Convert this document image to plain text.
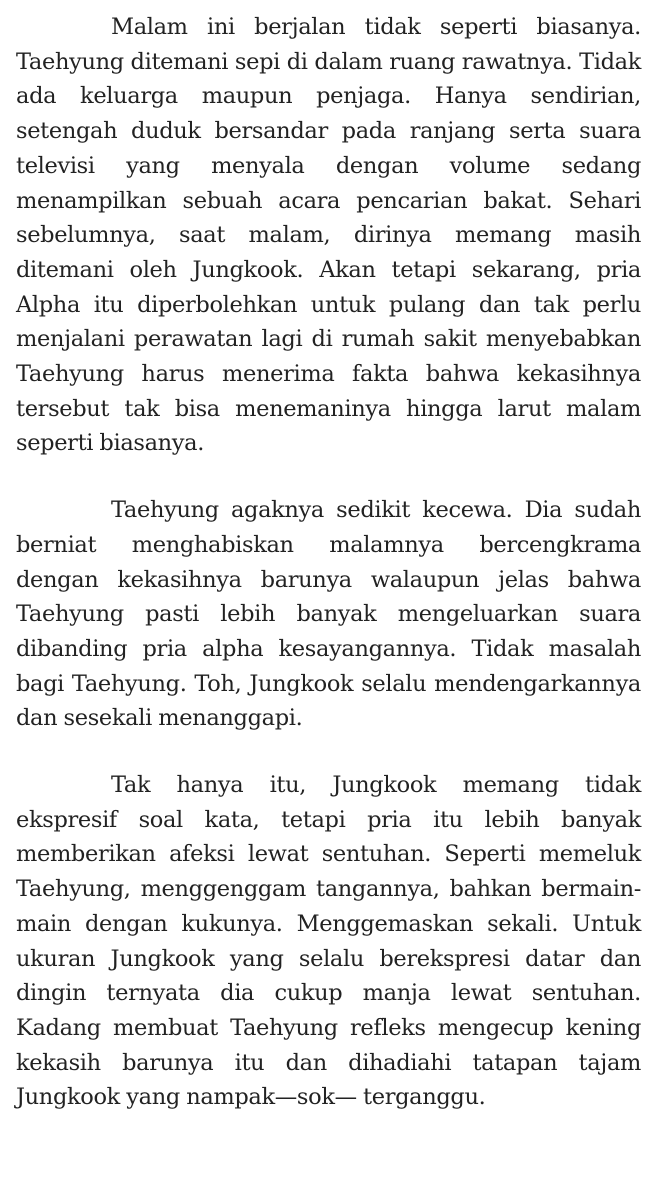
Malam ini berjalan tidak seperti biasanya. Taehyung ditemani sepi di dalam ruang rawatnya. Tidak ada keluarga maupun penjaga. Hanya sendirian, setengah duduk bersandar pada ranjang serta suara televisi yang menyala dengan volume sedang menampilkan sebuah acara pencarian bakat. Sehari sebelumnya, saat malam, dirinya memang masih ditemani oleh Jungkook. Akan tetapi sekarang, pria Alpha itu diperbolehkan untuk pulang dan tak perlu menjalani perawatan lagi di rumah sakit menyebabkan Taehyung harus menerima fakta bahwa kekasihnya tersebut tak bisa menemaninya hingga larut malam seperti biasanya.

Taehyung agaknya sedikit kecewa. Dia sudah berniat menghabiskan malamnya bercengkrama dengan kekasihnya barunya walaupun jelas bahwa Taehyung pasti lebih banyak mengeluarkan suara dibanding pria alpha kesayangannya. Tidak masalah bagi Taehyung. Toh, Jungkook selalu mendengarkannya dan sesekali menanggapi.

Tak hanya itu, Jungkook memang tidak ekspresif soal kata, tetapi pria itu lebih banyak memberikan afeksi lewat sentuhan. Seperti memeluk Taehyung, menggenggam tangannya, bahkan bermain-main dengan kukunya. Menggemaskan sekali. Untuk ukuran Jungkook yang selalu berekspresi datar dan dingin ternyata dia cukup manja lewat sentuhan. Kadang membuat Taehyung refleks mengecup kening kekasih barunya itu dan dihadiahi tatapan tajam Jungkook yang nampak—sok— terganggu.
